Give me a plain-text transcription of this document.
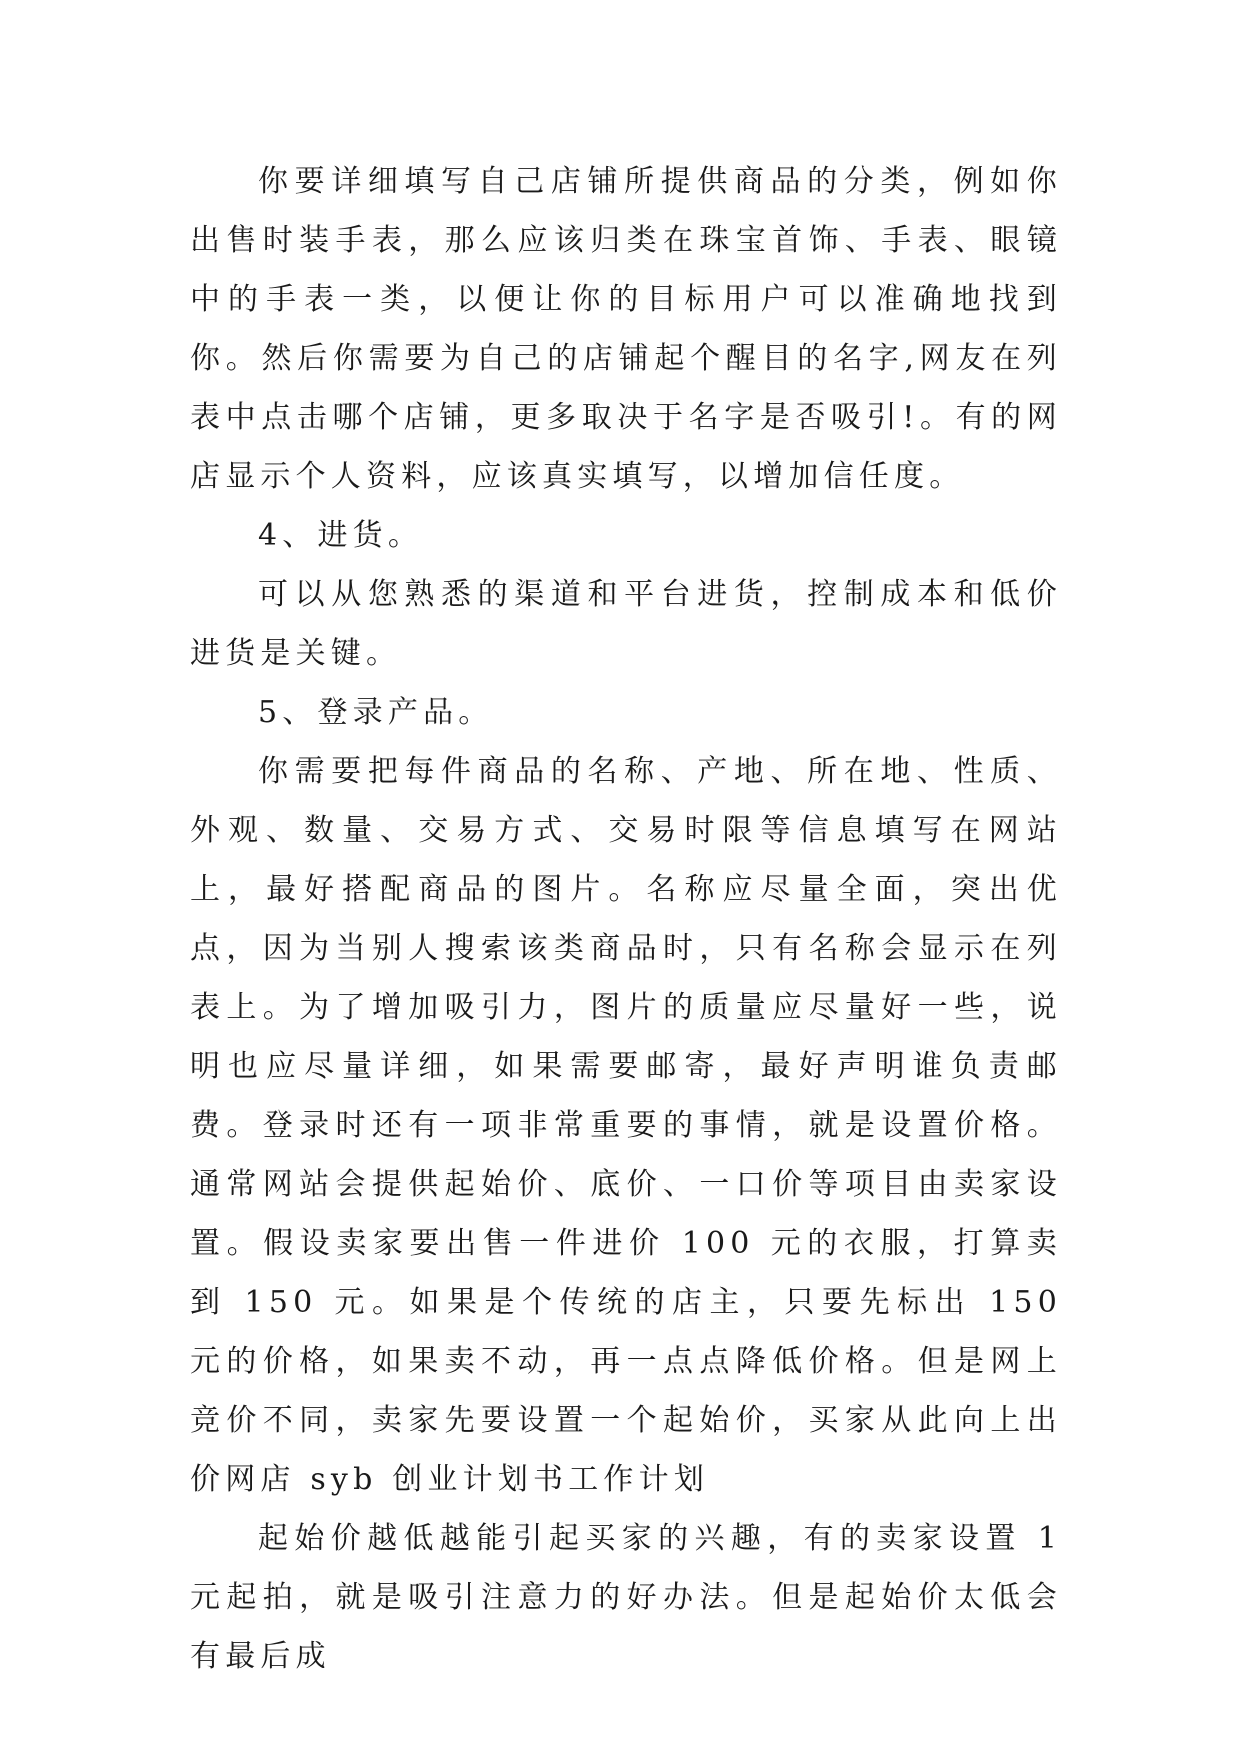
你要详细填写自己店铺所提供商品的分类，例如你出售时装手表，那么应该归类在珠宝首饰、手表、眼镜中的手表一类，以便让你的目标用户可以准确地找到你。然后你需要为自己的店铺起个醒目的名字,网友在列表中点击哪个店铺，更多取决于名字是否吸引!。有的网店显示个人资料，应该真实填写，以增加信任度。

4、进货。

可以从您熟悉的渠道和平台进货，控制成本和低价进货是关键。

5、登录产品。

你需要把每件商品的名称、产地、所在地、性质、外观、数量、交易方式、交易时限等信息填写在网站上，最好搭配商品的图片。名称应尽量全面，突出优点，因为当别人搜索该类商品时，只有名称会显示在列表上。为了增加吸引力，图片的质量应尽量好一些，说明也应尽量详细，如果需要邮寄，最好声明谁负责邮费。登录时还有一项非常重要的事情，就是设置价格。通常网站会提供起始价、底价、一口价等项目由卖家设置。假设卖家要出售一件进价 100 元的衣服，打算卖到 150 元。如果是个传统的店主，只要先标出 150 元的价格，如果卖不动，再一点点降低价格。但是网上竞价不同，卖家先要设置一个起始价，买家从此向上出价网店 syb 创业计划书工作计划

起始价越低越能引起买家的兴趣，有的卖家设置 1 元起拍，就是吸引注意力的好办法。但是起始价太低会有最后成
